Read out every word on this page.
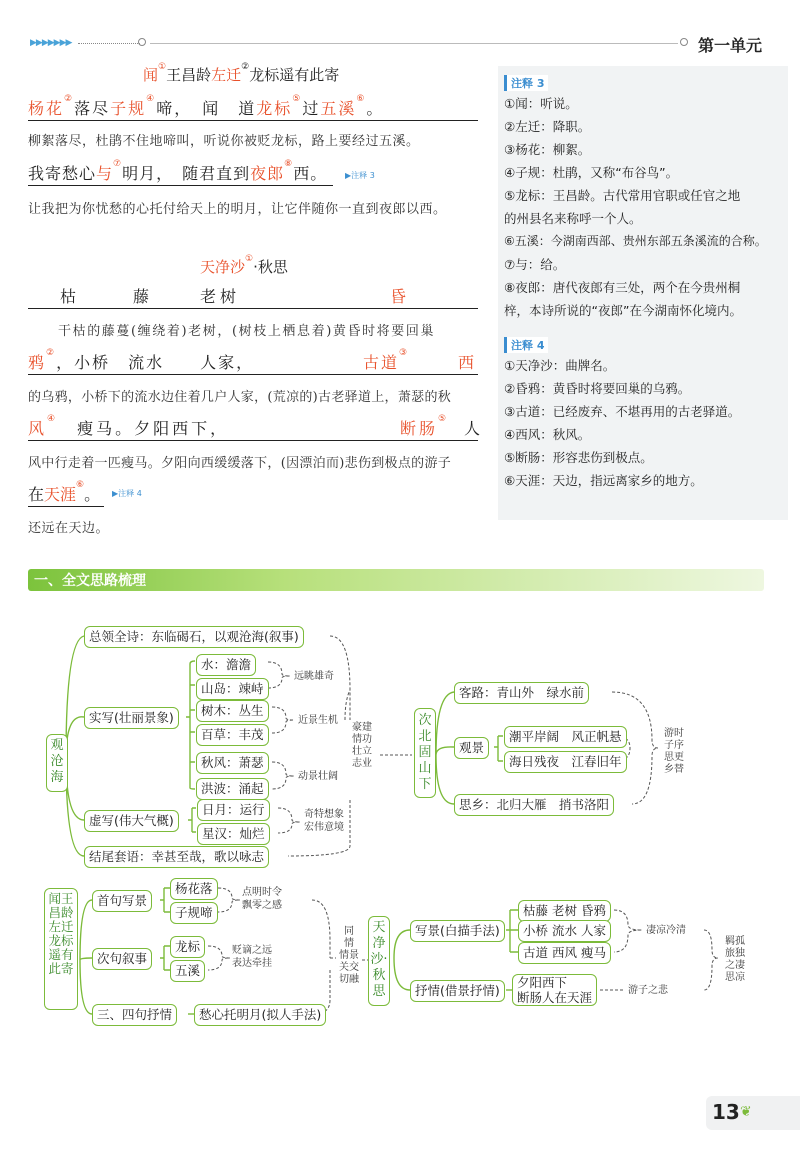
▶▶▶▶▶▶▶	第一单元
闻①王昌龄左迁②龙标遥有此寄
杨花②落尽子规④啼，　闻　道龙标⑤过五溪⑥。
柳絮落尽，杜鹃不住地啼叫，听说你被贬龙标，路上要经过五溪。
我寄愁心与⑦明月，　随君直到夜郎⑧西。	▶注释 3
让我把为你忧愁的心托付给天上的明月，让它伴随你一直到夜郎以西。
天净沙①·秋思
枯	藤	老树	昏
干枯的藤蔓(缠绕着)老树，(树枝上栖息着)黄昏时将要回巢
鸦②，小桥　流水　　人家，	古道③	西
的乌鸦，小桥下的流水边住着几户人家，(荒凉的)古老驿道上，萧瑟的秋
风④　瘦马。夕阳西下，	断肠⑤ 人
风中行走着一匹瘦马。夕阳向西缓缓落下，(因漂泊而)悲伤到极点的游子
在天涯⑥。	▶注释 4
还远在天边。
注释 3
①闻：听说。
②左迁：降职。
③杨花：柳絮。
④子规：杜鹃，又称“布谷鸟”。
⑤龙标：王昌龄。古代常用官职或任官之地
的州县名来称呼一个人。
⑥五溪：今湖南西部、贵州东部五条溪流的合称。
⑦与：给。
⑧夜郎：唐代夜郎有三处，两个在今贵州桐
梓，本诗所说的“夜郎”在今湖南怀化境内。
注释 4
①天净沙：曲牌名。
②昏鸦：黄昏时将要回巢的乌鸦。
③古道：已经废弃、不堪再用的古老驿道。
④西风：秋风。
⑤断肠：形容悲伤到极点。
⑥天涯：天边，指远离家乡的地方。
一、全文思路梳理
观沧海
总领全诗：东临碣石，以观沧海(叙事)
实写(壮丽景象)
水：澹澹
山岛：竦峙
树木：丛生
百草：丰茂
秋风：萧瑟
洪波：涌起
远眺雄奇
近景生机
动景壮阔
虚写(伟大气概)
日月：运行
星汉：灿烂
奇特想象
宏伟意境
结尾套语：幸甚至哉，歌以咏志
豪建
情功
壮立
志业
次北固山下
客路：青山外　绿水前
观景
潮平岸阔　风正帆悬
海日残夜　江春旧年
思乡：北归大雁　捎书洛阳
游时
子序
思更
乡替
闻王昌龄左迁龙标遥有此寄
首句写景
杨花落
子规啼
点明时令
飘零之感
次句叙事
龙标
五溪
贬谪之远
表达牵挂
三、四句抒情	愁心托明月(拟人手法)
同
情
情景
关交
切融
天净沙·秋思
写景(白描手法)
枯藤 老树 昏鸦
小桥 流水 人家
古道 西风 瘦马
凄凉冷清
抒情(借景抒情)
夕阳西下
断肠人在天涯	游子之悲
羁孤
旅独
之凄
思凉
13 ❦
